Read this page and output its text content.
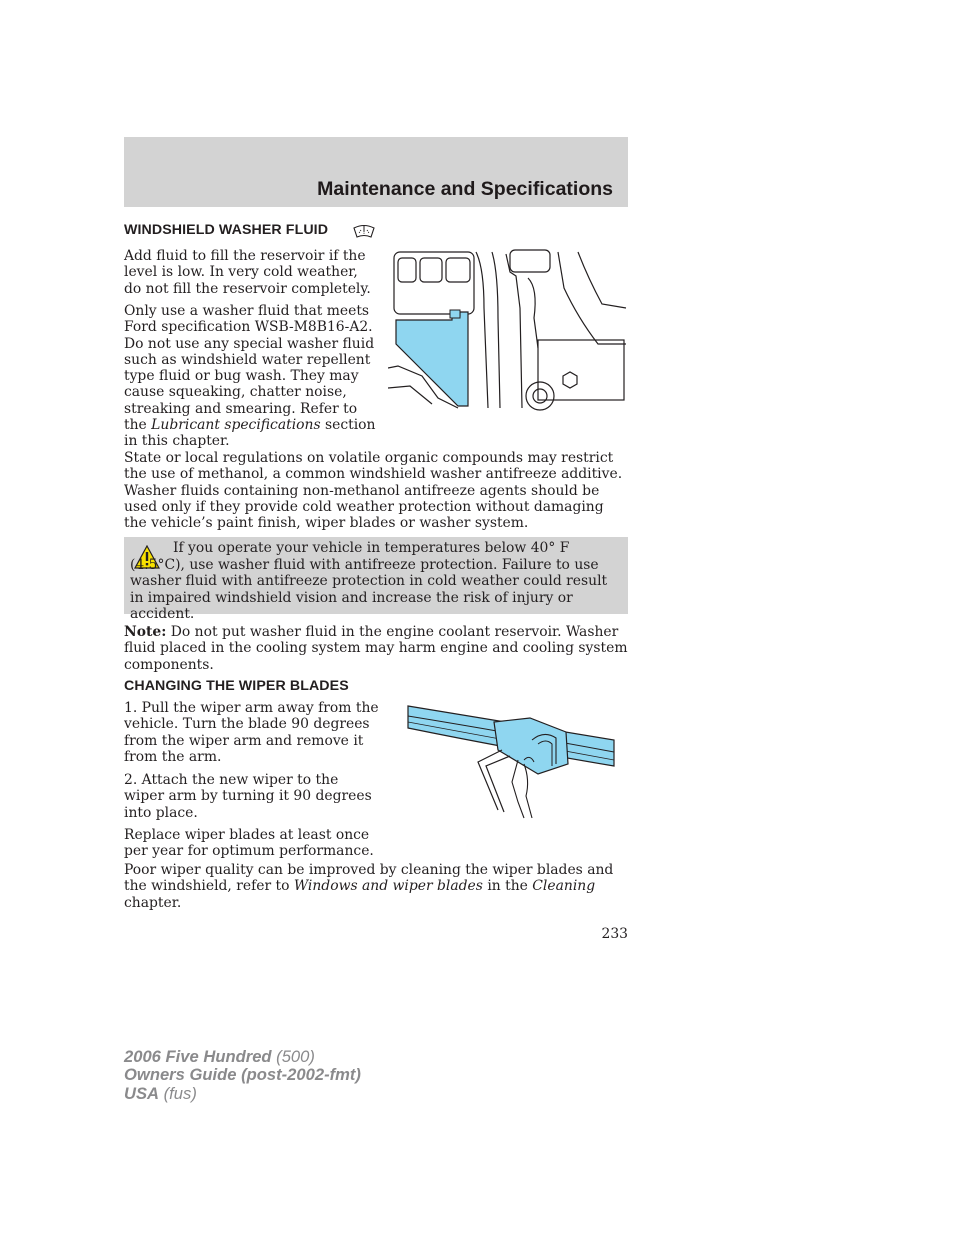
Maintenance and Specifications
WINDSHIELD WASHER FLUID

Add fluid to fill the reservoir if the level is low. In very cold weather, do not fill the reservoir completely.

Only use a washer fluid that meets Ford specification WSB-M8B16-A2. Do not use any special washer fluid such as windshield water repellent type fluid or bug wash. They may cause squeaking, chatter noise, streaking and smearing. Refer to the Lubricant specifications section in this chapter.

State or local regulations on volatile organic compounds may restrict the use of methanol, a common windshield washer antifreeze additive. Washer fluids containing non-methanol antifreeze agents should be used only if they provide cold weather protection without damaging the vehicle’s paint finish, wiper blades or washer system.

If you operate your vehicle in temperatures below 40° F (4.5°C), use washer fluid with antifreeze protection. Failure to use washer fluid with antifreeze protection in cold weather could result in impaired windshield vision and increase the risk of injury or accident.

Note: Do not put washer fluid in the engine coolant reservoir. Washer fluid placed in the cooling system may harm engine and cooling system components.

CHANGING THE WIPER BLADES

1. Pull the wiper arm away from the vehicle. Turn the blade 90 degrees from the wiper arm and remove it from the arm.

2. Attach the new wiper to the wiper arm by turning it 90 degrees into place.

Replace wiper blades at least once per year for optimum performance.

Poor wiper quality can be improved by cleaning the wiper blades and the windshield, refer to Windows and wiper blades in the Cleaning chapter.

233

2006 Five Hundred (500)
Owners Guide (post-2002-fmt)
USA (fus)
